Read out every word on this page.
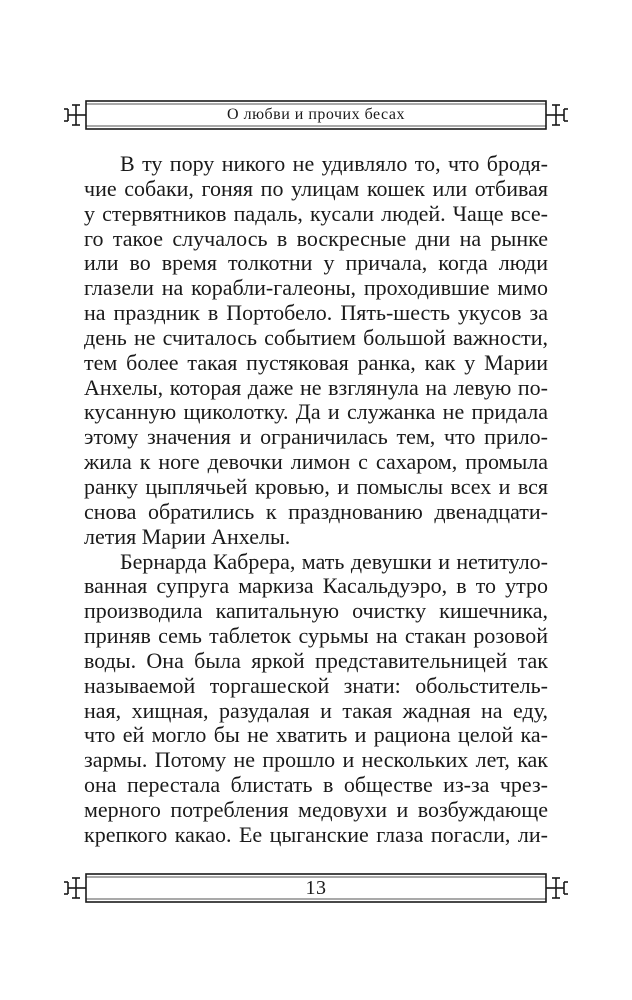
О любви и прочих бесах
В ту пору никого не удивляло то, что бродя-
чие собаки, гоняя по улицам кошек или отбивая
у стервятников падаль, кусали людей. Чаще все-
го такое случалось в воскресные дни на рынке
или во время толкотни у причала, когда люди
глазели на корабли-галеоны, проходившие мимо
на праздник в Портобело. Пять-шесть укусов за
день не считалось событием большой важности,
тем более такая пустяковая ранка, как у Марии
Анхелы, которая даже не взглянула на левую по-
кусанную щиколотку. Да и служанка не придала
этому значения и ограничилась тем, что прило-
жила к ноге девочки лимон с сахаром, промыла
ранку цыплячьей кровью, и помыслы всех и вся
снова обратились к празднованию двенадцати-
летия Марии Анхелы.
Бернарда Кабрера, мать девушки и нетитуло-
ванная супруга маркиза Касальдуэро, в то утро
производила капитальную очистку кишечника,
приняв семь таблеток сурьмы на стакан розовой
воды. Она была яркой представительницей так
называемой торгашеской знати: обольститель-
ная, хищная, разудалая и такая жадная на еду,
что ей могло бы не хватить и рациона целой ка-
зармы. Потому не прошло и нескольких лет, как
она перестала блистать в обществе из-за чрез-
мерного потребления медовухи и возбуждающе
крепкого какао. Ее цыганские глаза погасли, ли-
13
